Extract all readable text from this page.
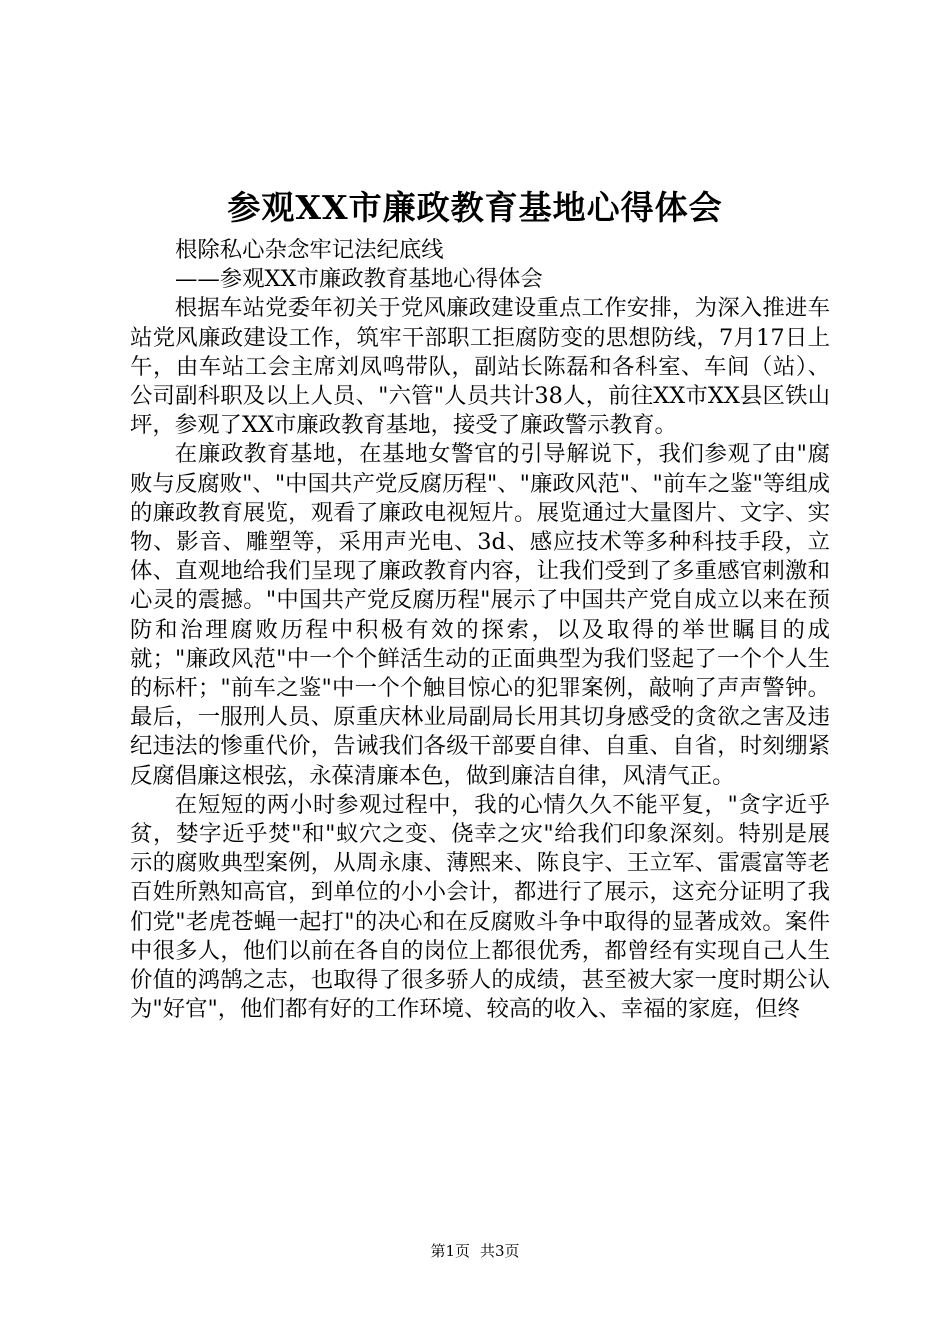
参观XX市廉政教育基地心得体会

根除私心杂念牢记法纪底线

——参观XX市廉政教育基地心得体会

根据车站党委年初关于党风廉政建设重点工作安排，为深入推进车站党风廉政建设工作，筑牢干部职工拒腐防变的思想防线，7月17日上午，由车站工会主席刘凤鸣带队，副站长陈磊和各科室、车间（站）、公司副科职及以上人员、"六管"人员共计38人，前往XX市XX县区铁山坪，参观了XX市廉政教育基地，接受了廉政警示教育。

在廉政教育基地，在基地女警官的引导解说下，我们参观了由"腐败与反腐败"、"中国共产党反腐历程"、"廉政风范"、"前车之鉴"等组成的廉政教育展览，观看了廉政电视短片。展览通过大量图片、文字、实物、影音、雕塑等，采用声光电、3d、感应技术等多种科技手段，立体、直观地给我们呈现了廉政教育内容，让我们受到了多重感官刺激和心灵的震撼。"中国共产党反腐历程"展示了中国共产党自成立以来在预防和治理腐败历程中积极有效的探索，以及取得的举世瞩目的成就；"廉政风范"中一个个鲜活生动的正面典型为我们竖起了一个个人生的标杆；"前车之鉴"中一个个触目惊心的犯罪案例，敲响了声声警钟。最后，一服刑人员、原重庆林业局副局长用其切身感受的贪欲之害及违纪违法的惨重代价，告诫我们各级干部要自律、自重、自省，时刻绷紧反腐倡廉这根弦，永葆清廉本色，做到廉洁自律，风清气正。

在短短的两小时参观过程中，我的心情久久不能平复，"贪字近乎贫，婪字近乎焚"和"蚁穴之变、侥幸之灾"给我们印象深刻。特别是展示的腐败典型案例，从周永康、薄熙来、陈良宇、王立军、雷震富等老百姓所熟知高官，到单位的小小会计，都进行了展示，这充分证明了我们党"老虎苍蝇一起打"的决心和在反腐败斗争中取得的显著成效。案件中很多人，他们以前在各自的岗位上都很优秀，都曾经有实现自己人生价值的鸿鹄之志，也取得了很多骄人的成绩，甚至被大家一度时期公认为"好官"，他们都有好的工作环境、较高的收入、幸福的家庭，但终

第1页 共3页
